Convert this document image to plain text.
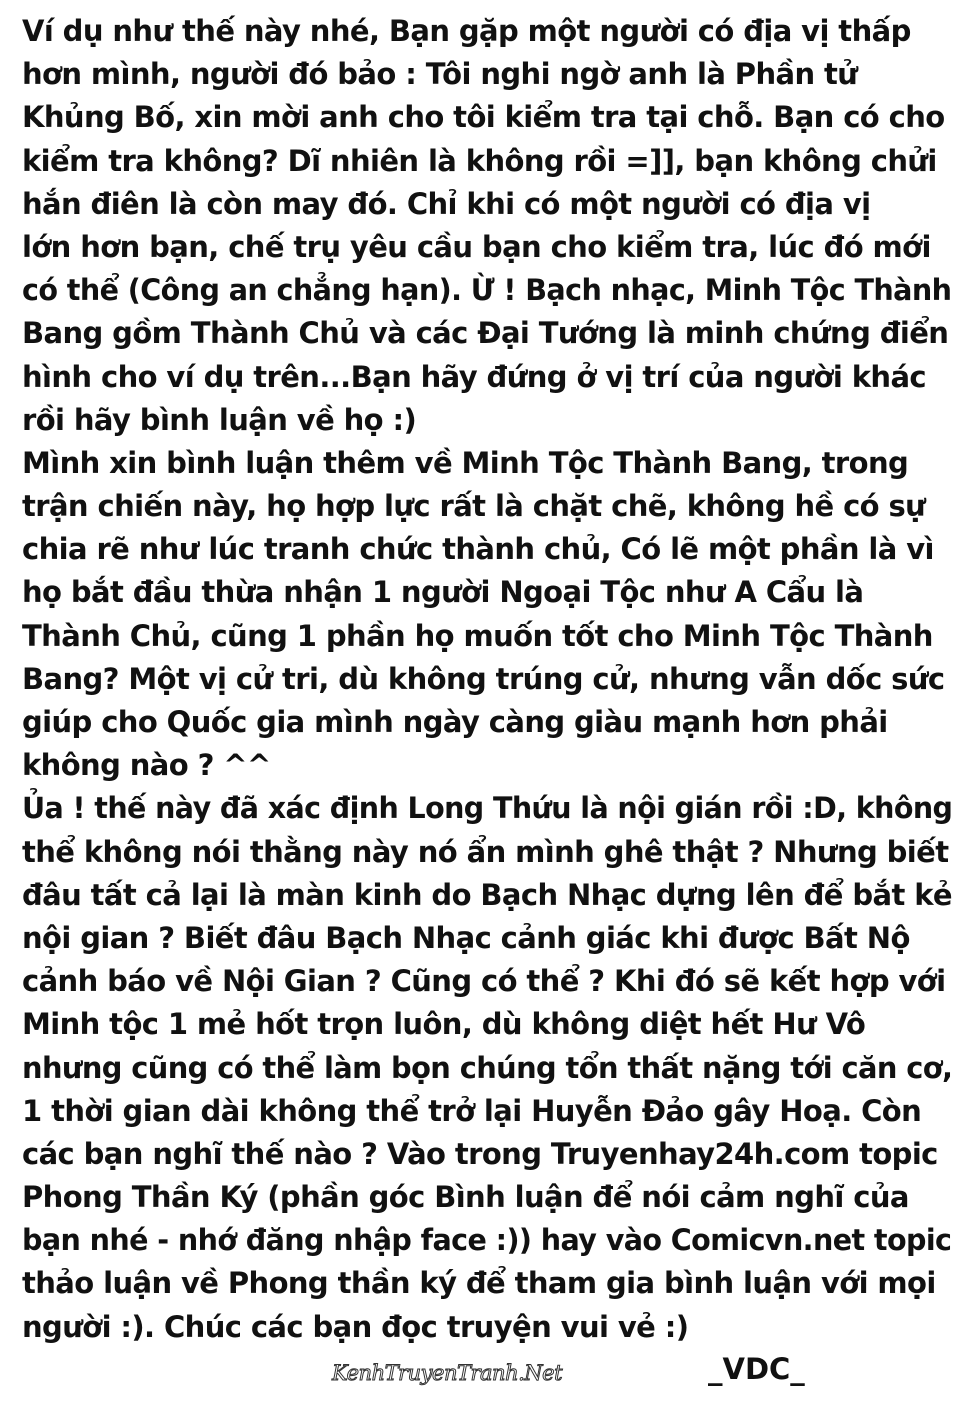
Ví dụ như thế này nhé, Bạn gặp một người có địa vị thấp
hơn mình, người đó bảo : Tôi nghi ngờ anh là Phần tử
Khủng Bố, xin mời anh cho tôi kiểm tra tại chỗ. Bạn có cho
kiểm tra không? Dĩ nhiên là không rồi =]], bạn không chửi
hắn điên là còn may đó. Chỉ khi có một người có địa vị
lớn hơn bạn, chế trụ yêu cầu bạn cho kiểm tra, lúc đó mới
có thể (Công an chẳng hạn). Ừ ! Bạch nhạc, Minh Tộc Thành
Bang gồm Thành Chủ và các Đại Tướng là minh chứng điển
hình cho ví dụ trên...Bạn hãy đứng ở vị trí của người khác
rồi hãy bình luận về họ :)
Mình xin bình luận thêm về Minh Tộc Thành Bang, trong
trận chiến này, họ hợp lực rất là chặt chẽ, không hề có sự
chia rẽ như lúc tranh chức thành chủ, Có lẽ một phần là vì
họ bắt đầu thừa nhận 1 người Ngoại Tộc như A Cẩu là
Thành Chủ, cũng 1 phần họ muốn tốt cho Minh Tộc Thành
Bang? Một vị cử tri, dù không trúng cử, nhưng vẫn dốc sức
giúp cho Quốc gia mình ngày càng giàu mạnh hơn phải
không nào ? ^^
Ủa ! thế này đã xác định Long Thứu là nội gián rồi :D, không
thể không nói thằng này nó ẩn mình ghê thật ? Nhưng biết
đâu tất cả lại là màn kinh do Bạch Nhạc dựng lên để bắt kẻ
nội gian ? Biết đâu Bạch Nhạc cảnh giác khi được Bất Nộ
cảnh báo về Nội Gian ? Cũng có thể ? Khi đó sẽ kết hợp với
Minh tộc 1 mẻ hốt trọn luôn, dù không diệt hết Hư Vô
nhưng cũng có thể làm bọn chúng tổn thất nặng tới căn cơ,
1 thời gian dài không thể trở lại Huyễn Đảo gây Hoạ. Còn
các bạn nghĩ thế nào ? Vào trong Truyenhay24h.com topic
Phong Thần Ký (phần góc Bình luận để nói cảm nghĩ của
bạn nhé - nhớ đăng nhập face :)) hay vào Comicvn.net topic
thảo luận về Phong thần ký để tham gia bình luận với mọi
người :). Chúc các bạn đọc truyện vui vẻ :)
KenhTruyenTranh.Net	_VDC_
